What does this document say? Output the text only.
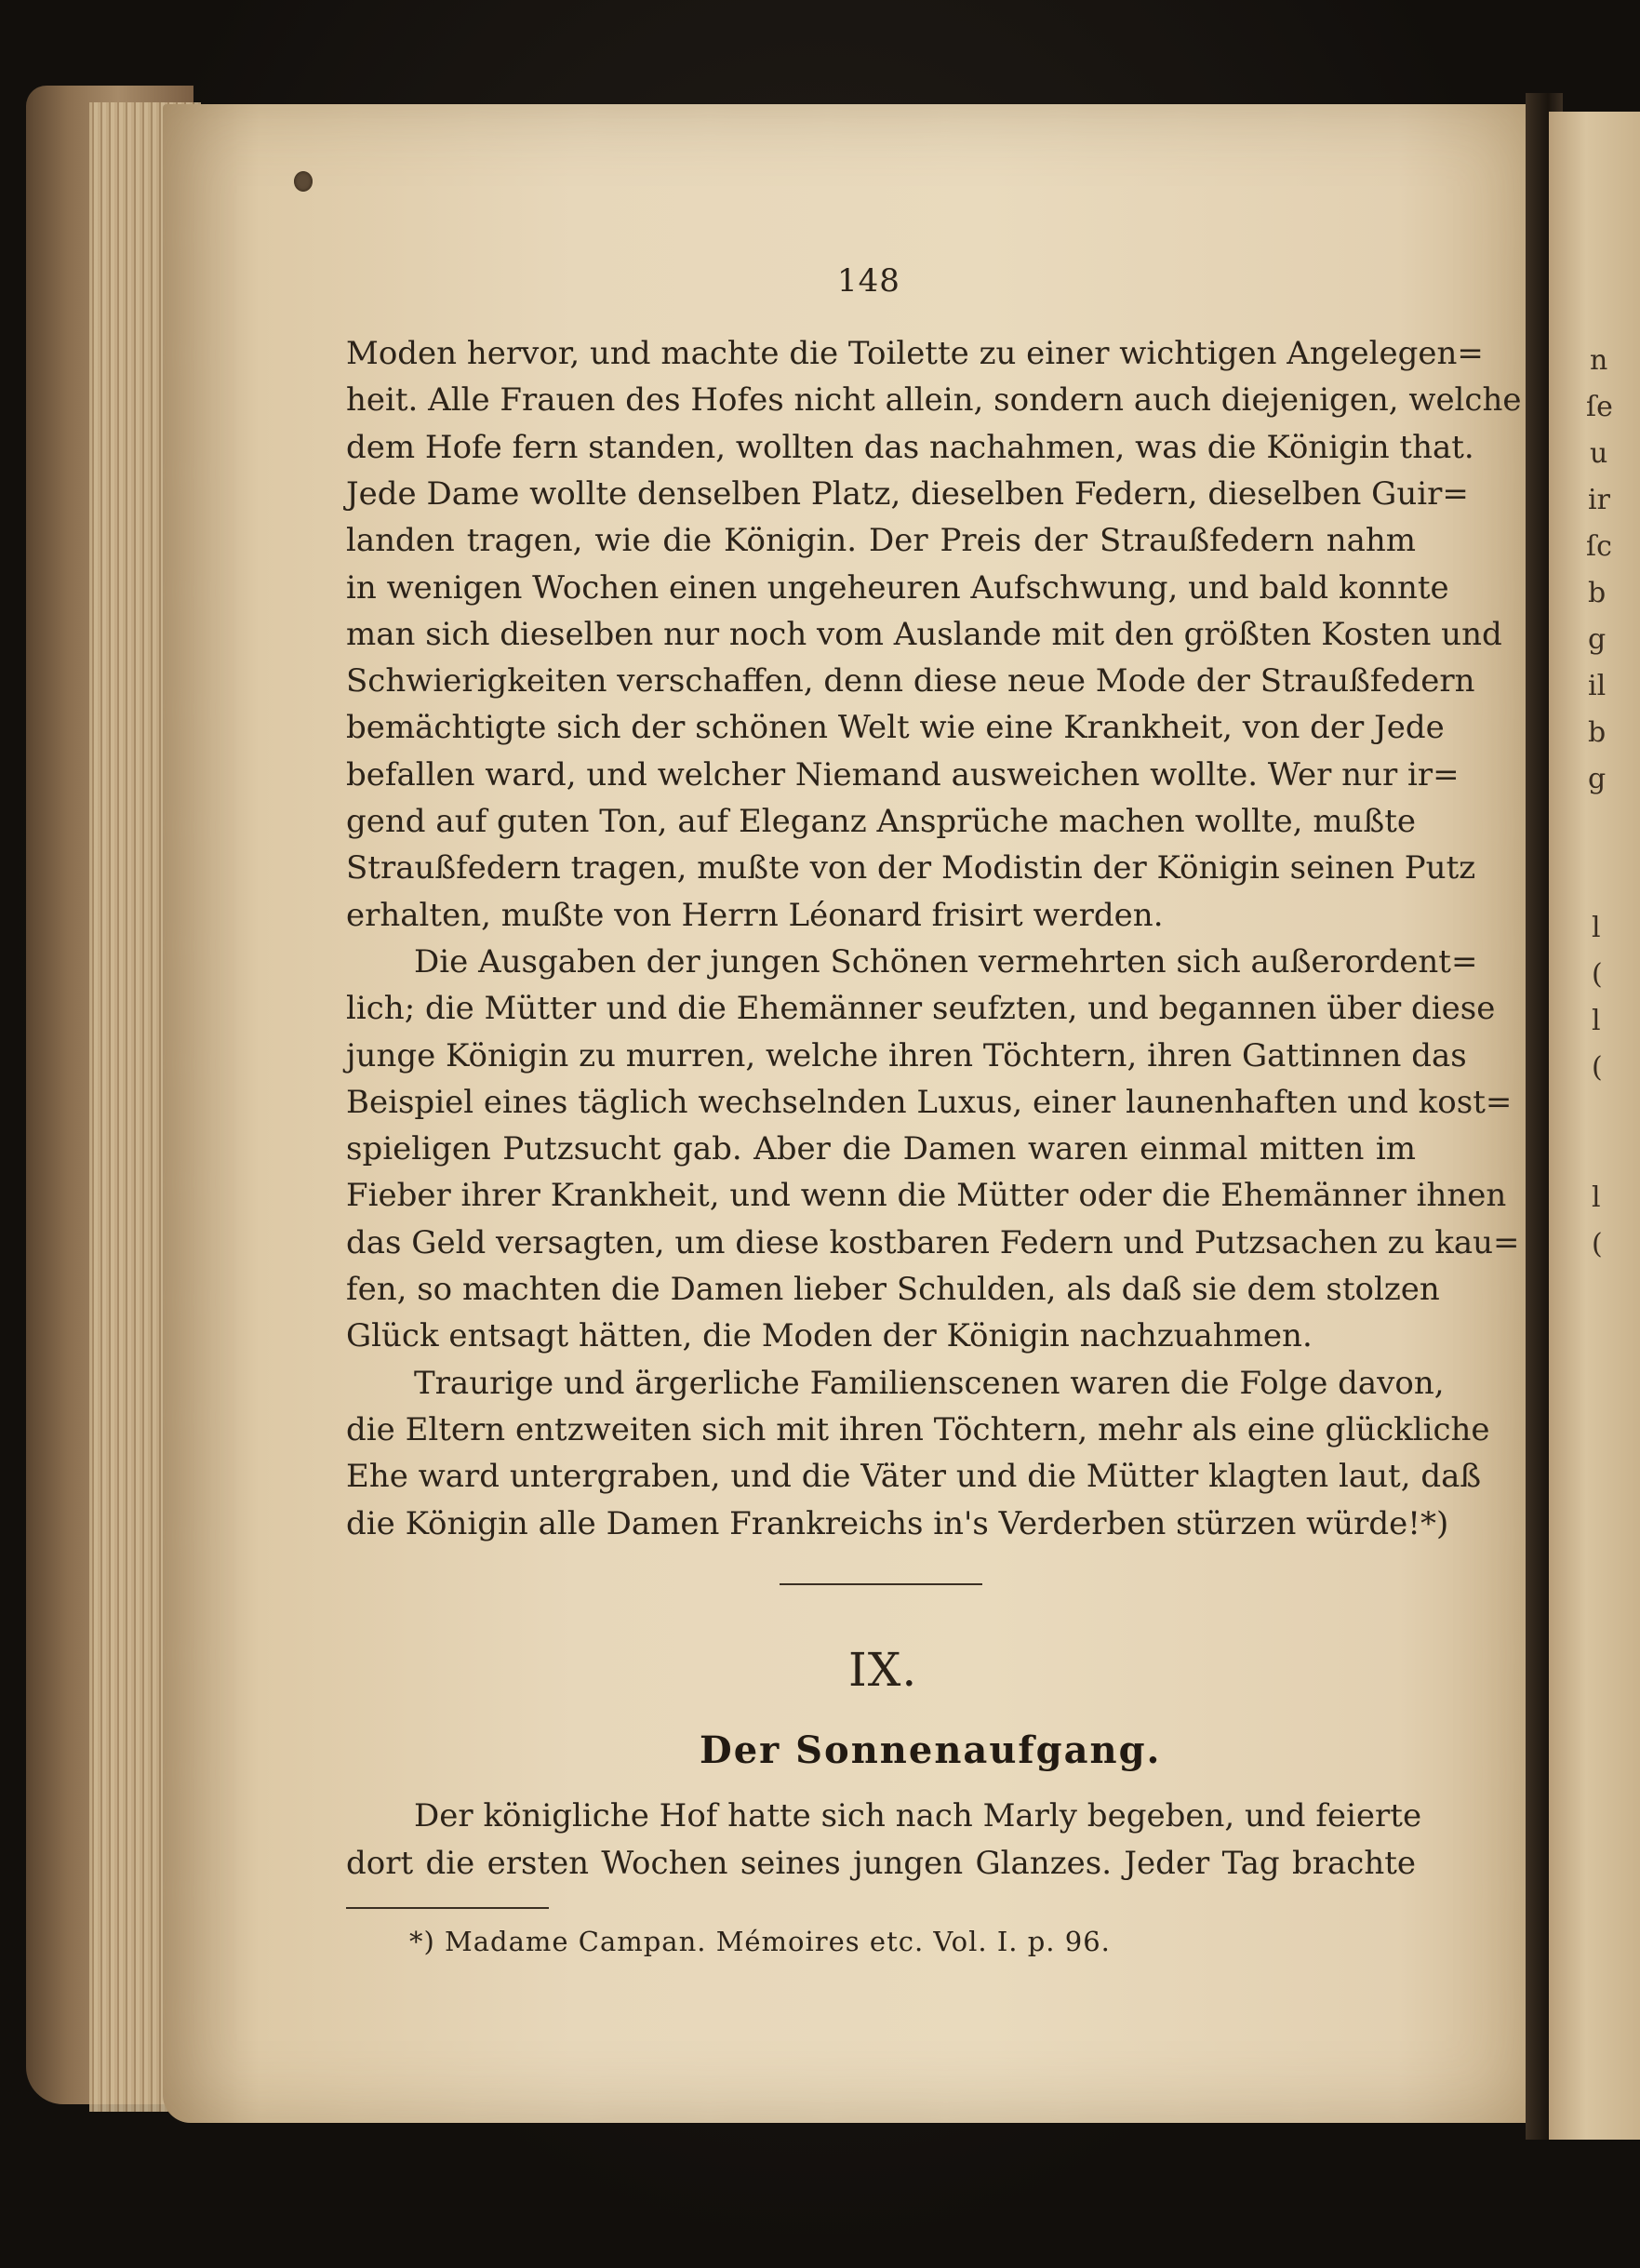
n
ſe
u
ir
ſc
b
g
il
b
g
l
(
l
(
l
(
148
Moden hervor, und machte die Toilette zu einer wichtigen Angelegen=
heit. Alle Frauen des Hofes nicht allein, sondern auch diejenigen, welche
dem Hofe fern standen, wollten das nachahmen, was die Königin that.
Jede Dame wollte denselben Platz, dieselben Federn, dieselben Guir=
landen tragen, wie die Königin. Der Preis der Straußfedern nahm
in wenigen Wochen einen ungeheuren Aufschwung, und bald konnte
man sich dieselben nur noch vom Auslande mit den größten Kosten und
Schwierigkeiten verschaffen, denn diese neue Mode der Straußfedern
bemächtigte sich der schönen Welt wie eine Krankheit, von der Jede
befallen ward, und welcher Niemand ausweichen wollte. Wer nur ir=
gend auf guten Ton, auf Eleganz Ansprüche machen wollte, mußte
Straußfedern tragen, mußte von der Modistin der Königin seinen Putz
erhalten, mußte von Herrn Léonard frisirt werden.
Die Ausgaben der jungen Schönen vermehrten sich außerordent=
lich; die Mütter und die Ehemänner seufzten, und begannen über diese
junge Königin zu murren, welche ihren Töchtern, ihren Gattinnen das
Beispiel eines täglich wechselnden Luxus, einer launenhaften und kost=
spieligen Putzsucht gab. Aber die Damen waren einmal mitten im
Fieber ihrer Krankheit, und wenn die Mütter oder die Ehemänner ihnen
das Geld versagten, um diese kostbaren Federn und Putzsachen zu kau=
fen, so machten die Damen lieber Schulden, als daß sie dem stolzen
Glück entsagt hätten, die Moden der Königin nachzuahmen.
Traurige und ärgerliche Familienscenen waren die Folge davon,
die Eltern entzweiten sich mit ihren Töchtern, mehr als eine glückliche
Ehe ward untergraben, und die Väter und die Mütter klagten laut, daß
die Königin alle Damen Frankreichs in's Verderben stürzen würde!*)
IX.
Der Sonnenaufgang.
Der königliche Hof hatte sich nach Marly begeben, und feierte
dort die ersten Wochen seines jungen Glanzes. Jeder Tag brachte
*) Madame Campan. Mémoires etc. Vol. I. p. 96.
